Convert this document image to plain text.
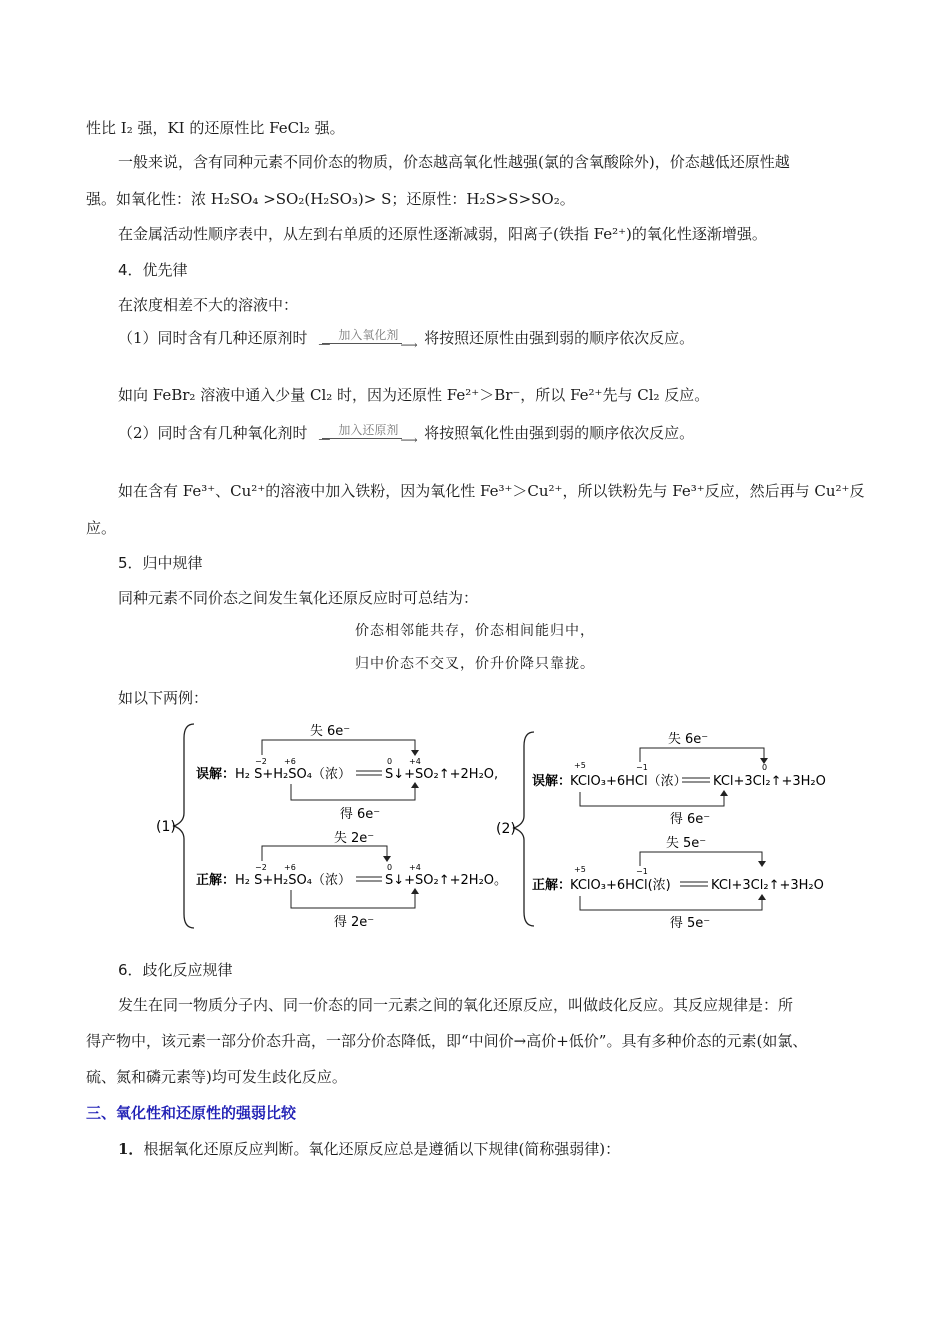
性比 I₂ 强，KI 的还原性比 FeCl₂ 强。
一般来说，含有同种元素不同价态的物质，价态越高氧化性越强(氯的含氧酸除外)，价态越低还原性越
强。如氧化性：浓 H₂SO₄ >SO₂(H₂SO₃)> S；还原性：H₂S>S>SO₂。
在金属活动性顺序表中，从左到右单质的还原性逐渐减弱，阳离子(铁指 Fe²⁺)的氧化性逐渐增强。
4．优先律
在浓度相差不大的溶液中：
（1）同时含有几种还原剂时 —
加入氧化剂
⟶ 将按照还原性由强到弱的顺序依次反应。
如向 FeBr₂ 溶液中通入少量 Cl₂ 时，因为还原性 Fe²⁺＞Br⁻，所以 Fe²⁺先与 Cl₂ 反应。
（2）同时含有几种氧化剂时 —
加入还原剂
⟶ 将按照氧化性由强到弱的顺序依次反应。
如在含有 Fe³⁺、Cu²⁺的溶液中加入铁粉，因为氧化性 Fe³⁺＞Cu²⁺，所以铁粉先与 Fe³⁺反应，然后再与 Cu²⁺反
应。
5．归中规律
同种元素不同价态之间发生氧化还原反应时可总结为：
价态相邻能共存，价态相间能归中，
归中价态不交叉，价升价降只靠拢。
如以下两例：
(1)
失 6e⁻
−2 +6	0 +4
误解： H₂ S+H₂SO₄（浓）	S↓+SO₂↑+2H₂O,
得 6e⁻
失 2e⁻
−2 +6	0 +4
正解： H₂ S+H₂SO₄（浓）	S↓+SO₂↑+2H₂O。
得 2e⁻
(2)
失 6e⁻
+5	−1	0
误解：
KClO₃+6HCl（浓） KCl+3Cl₂↑+3H₂O
得 6e⁻
失 5e⁻
+5	−1
正解：
KClO₃+6HCl(浓)	KCl+3Cl₂↑+3H₂O
得 5e⁻
6．歧化反应规律
发生在同一物质分子内、同一价态的同一元素之间的氧化还原反应，叫做歧化反应。其反应规律是：所
得产物中，该元素一部分价态升高，一部分价态降低，即“中间价→高价+低价”。具有多种价态的元素(如氯、
硫、氮和磷元素等)均可发生歧化反应。
三、氧化性和还原性的强弱比较
1．根据氧化还原反应判断。氧化还原反应总是遵循以下规律(简称强弱律)：
